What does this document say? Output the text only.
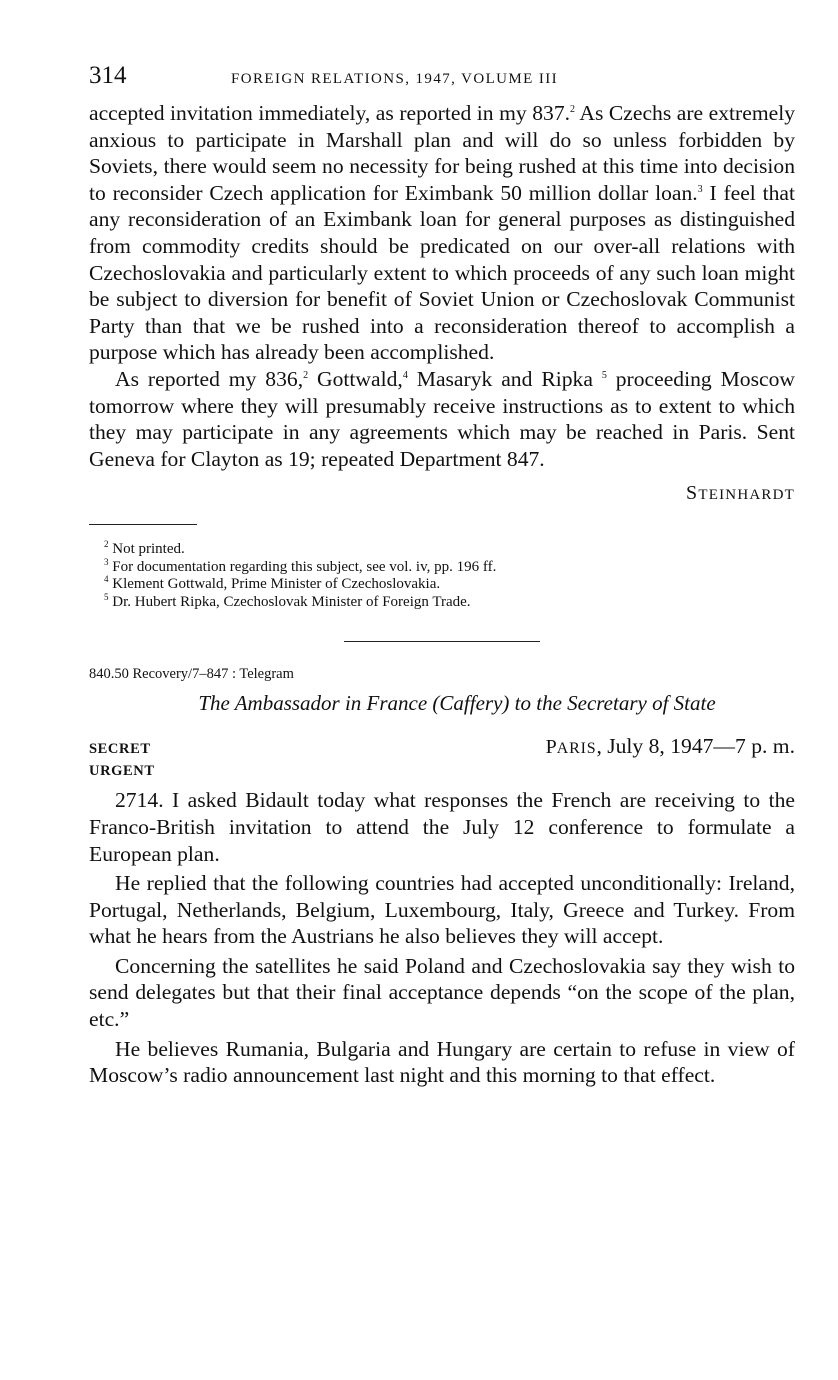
314	FOREIGN RELATIONS, 1947, VOLUME III

accepted invitation immediately, as reported in my 837.$^2$ As Czechs are extremely anxious to participate in Marshall plan and will do so unless forbidden by Soviets, there would seem no necessity for being rushed at this time into decision to reconsider Czech application for Eximbank 50 million dollar loan.$^3$ I feel that any reconsideration of an Eximbank loan for general purposes as distinguished from commodity credits should be predicated on our over-all relations with Czechoslovakia and particularly extent to which proceeds of any such loan might be subject to diversion for benefit of Soviet Union or Czechoslovak Communist Party than that we be rushed into a reconsideration thereof to accomplish a purpose which has already been accomplished.

As reported my 836,$^2$ Gottwald,$^4$ Masaryk and Ripka $^5$ proceeding Moscow tomorrow where they will presumably receive instructions as to extent to which they may participate in any agreements which may be reached in Paris. Sent Geneva for Clayton as 19; repeated Department 847.

STEINHARDT
$^2$ Not printed.
$^3$ For documentation regarding this subject, see vol. iv, pp. 196 ff.
$^4$ Klement Gottwald, Prime Minister of Czechoslovakia.
$^5$ Dr. Hubert Ripka, Czechoslovak Minister of Foreign Trade.
840.50 Recovery/7–847 : Telegram
The Ambassador in France (Caffery) to the Secretary of State
SECRET	PARIS, July 8, 1947—7 p. m.
URGENT

2714. I asked Bidault today what responses the French are receiving to the Franco-British invitation to attend the July 12 conference to formulate a European plan.

He replied that the following countries had accepted unconditionally: Ireland, Portugal, Netherlands, Belgium, Luxembourg, Italy, Greece and Turkey. From what he hears from the Austrians he also believes they will accept.

Concerning the satellites he said Poland and Czechoslovakia say they wish to send delegates but that their final acceptance depends “on the scope of the plan, etc.”

He believes Rumania, Bulgaria and Hungary are certain to refuse in view of Moscow’s radio announcement last night and this morning to that effect.
